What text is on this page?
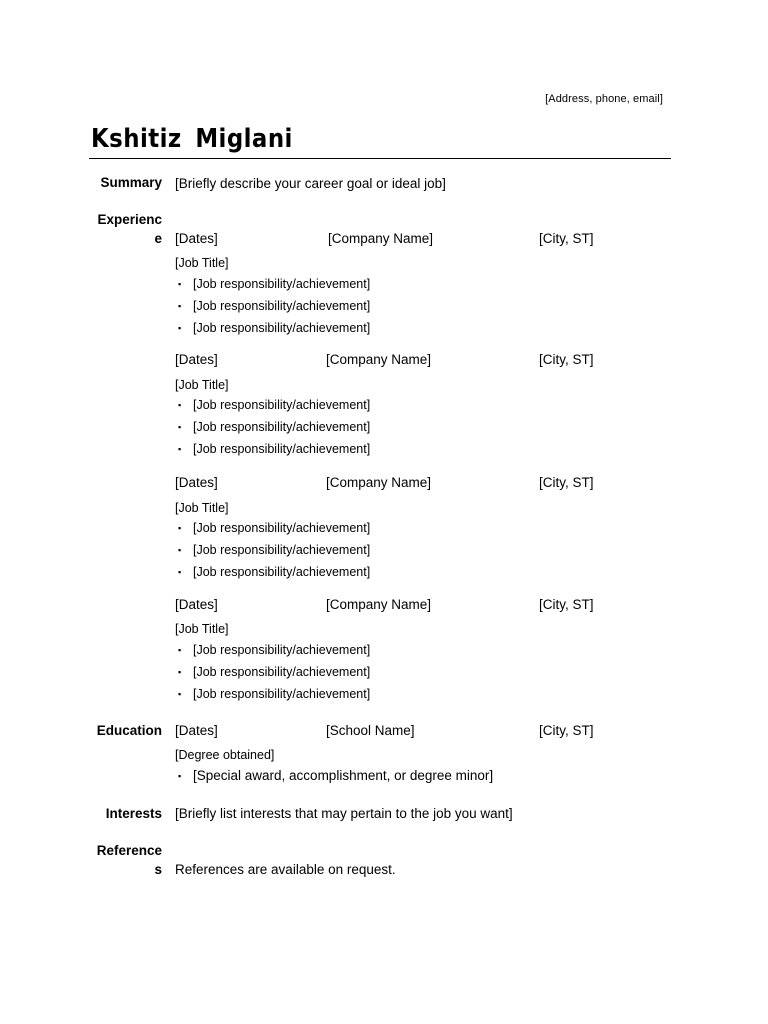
[Address, phone, email]
Kshitiz Miglani
Summary [Briefly describe your career goal or ideal job]
Experienc
e [Dates]	[Company Name]	[City, ST]
[Job Title]
▪ [Job responsibility/achievement]
▪ [Job responsibility/achievement]
▪ [Job responsibility/achievement]
[Dates]	[Company Name]	[City, ST]
[Job Title]
▪ [Job responsibility/achievement]
▪ [Job responsibility/achievement]
▪ [Job responsibility/achievement]
[Dates]	[Company Name]	[City, ST]
[Job Title]
▪ [Job responsibility/achievement]
▪ [Job responsibility/achievement]
▪ [Job responsibility/achievement]
[Dates]	[Company Name]	[City, ST]
[Job Title]
▪ [Job responsibility/achievement]
▪ [Job responsibility/achievement]
▪ [Job responsibility/achievement]
Education [Dates]	[School Name]	[City, ST]
[Degree obtained]
▪ [Special award, accomplishment, or degree minor]
Interests [Briefly list interests that may pertain to the job you want]
Reference
s References are available on request.
